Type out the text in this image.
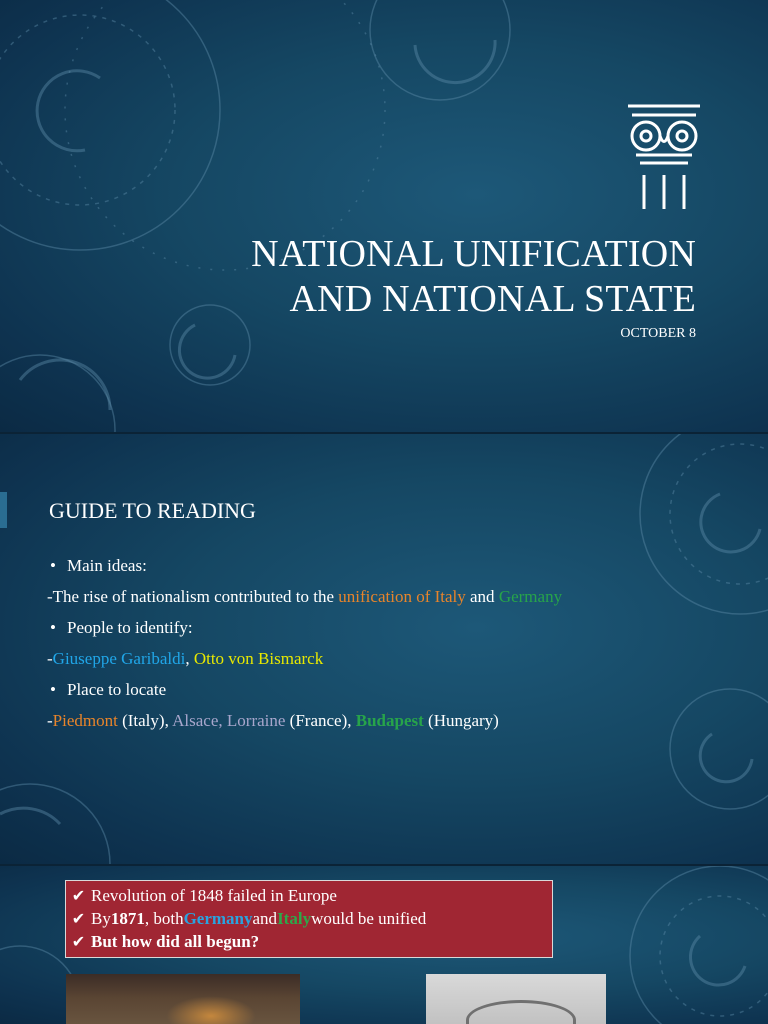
NATIONAL UNIFICATION
AND NATIONAL STATE
OCTOBER 8
GUIDE TO READING
• Main ideas:
-The rise of nationalism contributed to the unification of Italy and Germany
• People to identify:
-Giuseppe Garibaldi, Otto von Bismarck
• Place to locate
-Piedmont (Italy), Alsace, Lorraine (France), Budapest (Hungary)
✔ Revolution of 1848 failed in Europe
✔ By 1871 , both Germany and Italy would be unified
✔ But how did all begun?
